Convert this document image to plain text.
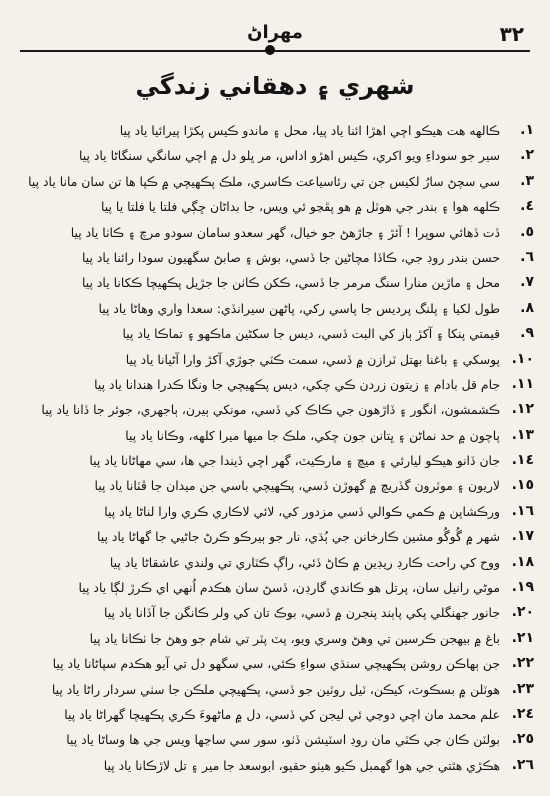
٣٢
مهراڻ
شهري ۽ دهقاني زندگي
١.
ڪالهه هت هيڪو اچي اهڙا ائنا ياد پيا، محل ۽ ماندو ڪيس پکڙا پيرائيا ياد پيا
٢.
سير جو سوداءِ ويو اکري، ڪيس اهڙو اداس، مر ڀلو دل ۾ اچي سانگي سنگاڻا ياد پيا
٣.
سي سچڻ سارُ لکيس جن تي رئاسياعت ڪاسري، ملڪ پڪهيچي ۾ ڪپا ها تن سان مانا ياد پيا
٤.
ڪلهه هوا ۽ بندر جي هوٽل ۾ هو پڦڃو ئي ويس، جا بداڻان ڇڳي فلتا يا فلتا يا پيا
٥.
ڏت ڏهائي سوپرا ! آئڙ ۽ جاڙهڻ جو خيال، گهر سعدو سامان سودو مرچ ۽ ڪاٺا ياد پيا
٦.
حسن بندر روڊ جي، ڪاڏا مچاڻين جا ڏسي، بوش ۽ صابڻ سگهيون سودا رائنا ياد پيا
٧.
محل ۽ ماڙين منارا سنگ مرمر جا ڏسي، ڪکن ڪاٺن جا جڙيل پڪهيچا ڪکانا ياد پيا
٨.
طول لکيا ۽ پلنگ پرديس جا پاسي رکي، پاڻهن سيرانڏي: سعدا واري وهاڻا ياد پيا
٩.
قيمتي پنکا ۽ آکڙ ٻاز کي البت ڏسي، ديس جا سکڻين ماڪهو ۽ تماڪا ياد پيا
١٠.
پوسکي ۽ باغنا بهتل ٽرازن ۾ ڏسي، سمت ڪٽي جوڙي آکڙ وارا آڻيانا ياد پيا
١١.
جام قل بادام ۽ زيتون زردن ڪي چکي، ديس پڪهيچي جا ونگا ڪدرا هندانا ياد پيا
١٢.
ڪشمشون، انگور ۽ ڏاڙهون جي ڪاڪ کي ڏسي، مونکي ٻيرن، ٻاجهري، جوئر جا ڏانا ياد پيا
١٣.
پاچون ۾ حد نماڻن ۽ ڀتانن جون چکي، ملڪ جا ميها ميرا کلهه، وڪانا ياد پيا
١٤.
جان ڏانو هيڪو ليارئي ۽ ميچ ۽ مارڪيٽ، گهر اچي ڏيندا جي ها، سي مهاڻانا ياد پيا
١٥.
لاريون ۽ موٽرون گڏريچ ۾ گهوڙن ڏسي، پڪهيچي باسي جن ميدان جا ڦٽانا ياد پيا
١٦.
ورڪشاپن ۾ ڪمي ڪوالي ڏسي مزدور کي، لائي لاڪاري ڪري وارا لناڻا ياد پيا
١٧.
شهر ۾ گُوگُو مشين ڪارخانن جي ٻُڌي، نار جو ٻيرڪو ڪرڻ جاڻيي جا گهاڻا ياد پيا
١٨.
ووح کي راحت ڪارڊ ريڊين ۾ ڪاڻ ڏئي، راڳ ڪٽاري تي ولندي عاشقاڻا ياد پيا
١٩.
موڻي رانيل سان، پرتل هو ڪاندي گارڊن، ڏسڻ سان هڪدم اُنهي اي ڪرڙ لڳا ياد پيا
٢٠.
جانور جهنگلي پکي پاٻند پنجرن ۾ ڏسي، بوڪ تان کي ولر ڪانگن جا آڏانا ياد پيا
٢١.
باغ ۾ بيهجن ڪرسين تي وهڻ وسري ويو، پٽ پٽر تي شام جو وهڻ جا ٺڪانا ياد پيا
٢٢.
جن ٻهاڪن روشن پڪهيچي سنڌي سواءِ ڪئي، سي سگهو دل تي آيو هڪدم سپاڻانا ياد پيا
٢٣.
هوٽلن ۾ بسڪوٽ، کيڪن، ٽيل روٽين جو ڏسي، پڪهيچي ملڪن جا سٺي سردار راڻا ياد پيا
٢٤.
علم محمد مان اچي دوڃي ئي ليجن کي ڏسي، دل ۾ ماڻهوءَ ڪري پڪهيچا گهراڻا ياد پيا
٢٥.
بولٽن ڪان جي ڪٽي مان روڊ اسٽيشن ڏٺو، سور سي ساڃها ويس جي ها وساڻا ياد پيا
٢٦.
هڪڙي هٿتي جي هوا گهمبل ڪيو هيٺو حقيو، ابوسعد جا مير ۽ تل لاڙڪانا ياد پيا
